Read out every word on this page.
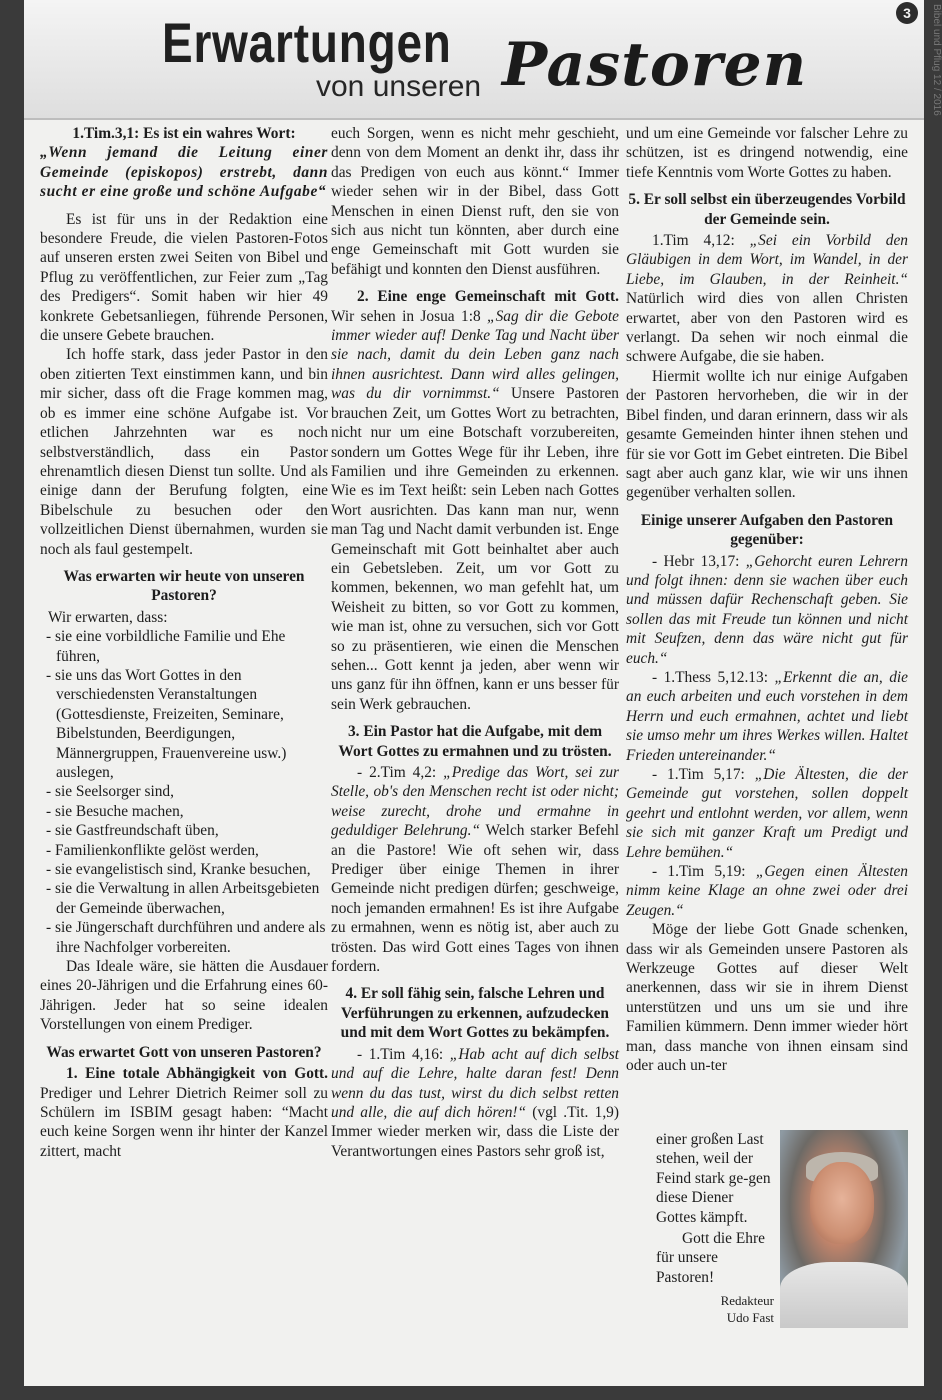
Erwartungen
von unseren Pastoren
3	Bibel und Pflug 12 / 2016

1.Tim.3,1: Es ist ein wahres Wort:

„Wenn jemand die Leitung einer Gemeinde (episkopos) erstrebt, dann sucht er eine große und schöne Aufgabe“

Es ist für uns in der Redaktion eine besondere Freude, die vielen Pastoren-Fotos auf unseren ersten zwei Seiten von Bibel und Pflug zu veröffentlichen, zur Feier zum „Tag des Predigers“. Somit haben wir hier 49 konkrete Gebetsanliegen, führende Personen, die unsere Gebete brauchen.

Ich hoffe stark, dass jeder Pastor in den oben zitierten Text einstimmen kann, und bin mir sicher, dass oft die Frage kommen mag, ob es immer eine schöne Aufgabe ist. Vor etlichen Jahrzehnten war es noch selbstverständlich, dass ein Pastor ehrenamtlich diesen Dienst tun sollte. Und als einige dann der Berufung folgten, eine Bibelschule zu besuchen oder den vollzeitlichen Dienst übernahmen, wurden sie noch als faul gestempelt.

Was erwarten wir heute von unseren Pastoren?

Wir erwarten, dass:

- sie eine vorbildliche Familie und Ehe führen,
- sie uns das Wort Gottes in den verschiedensten Veranstaltungen (Gottesdienste, Freizeiten, Seminare, Bibelstunden, Beerdigungen, Männergruppen, Frauenvereine usw.) auslegen,
- sie Seelsorger sind,
- sie Besuche machen,
- sie Gastfreundschaft üben,
- Familienkonflikte gelöst werden,
- sie evangelistisch sind, Kranke besuchen,
- sie die Verwaltung in allen Arbeitsgebieten der Gemeinde überwachen,
- sie Jüngerschaft durchführen und andere als ihre Nachfolger vorbereiten.

Das Ideale wäre, sie hätten die Ausdauer eines 20-Jährigen und die Erfahrung eines 60-Jährigen. Jeder hat so seine idealen Vorstellungen von einem Prediger.

Was erwartet Gott von unseren Pastoren?

1. Eine totale Abhängigkeit von Gott. Prediger und Lehrer Dietrich Reimer soll zu Schülern im ISBIM gesagt haben: “Macht euch keine Sorgen wenn ihr hinter der Kanzel zittert, macht

euch Sorgen, wenn es nicht mehr geschieht, denn von dem Moment an denkt ihr, dass ihr das Predigen von euch aus könnt.“ Immer wieder sehen wir in der Bibel, dass Gott Menschen in einen Dienst ruft, den sie von sich aus nicht tun könnten, aber durch eine enge Gemeinschaft mit Gott wurden sie befähigt und konnten den Dienst ausführen.

2. Eine enge Gemeinschaft mit Gott. Wir sehen in Josua 1:8 „Sag dir die Gebote immer wieder auf! Denke Tag und Nacht über sie nach, damit du dein Leben ganz nach ihnen ausrichtest. Dann wird alles gelingen, was du dir vornimmst.“ Unsere Pastoren brauchen Zeit, um Gottes Wort zu betrachten, nicht nur um eine Botschaft vorzubereiten, sondern um Gottes Wege für ihr Leben, ihre Familien und ihre Gemeinden zu erkennen. Wie es im Text heißt: sein Leben nach Gottes Wort ausrichten. Das kann man nur, wenn man Tag und Nacht damit verbunden ist. Enge Gemeinschaft mit Gott beinhaltet aber auch ein Gebetsleben. Zeit, um vor Gott zu kommen, bekennen, wo man gefehlt hat, um Weisheit zu bitten, so vor Gott zu kommen, wie man ist, ohne zu versuchen, sich vor Gott so zu präsentieren, wie einen die Menschen sehen... Gott kennt ja jeden, aber wenn wir uns ganz für ihn öffnen, kann er uns besser für sein Werk gebrauchen.

3. Ein Pastor hat die Aufgabe, mit dem Wort Gottes zu ermahnen und zu trösten.

- 2.Tim 4,2: „Predige das Wort, sei zur Stelle, ob's den Menschen recht ist oder nicht; weise zurecht, drohe und ermahne in geduldiger Belehrung.“ Welch starker Befehl an die Pastore! Wie oft sehen wir, dass Prediger über einige Themen in ihrer Gemeinde nicht predigen dürfen; geschweige, noch jemanden ermahnen! Es ist ihre Aufgabe zu ermahnen, wenn es nötig ist, aber auch zu trösten. Das wird Gott eines Tages von ihnen fordern.

4. Er soll fähig sein, falsche Lehren und Verführungen zu erkennen, aufzudecken und mit dem Wort Gottes zu bekämpfen.

- 1.Tim 4,16: „Hab acht auf dich selbst und auf die Lehre, halte daran fest! Denn wenn du das tust, wirst du dich selbst retten und alle, die auf dich hören!“ (vgl .Tit. 1,9) Immer wieder merken wir, dass die Liste der Verantwortungen eines Pastors sehr groß ist,

und um eine Gemeinde vor falscher Lehre zu schützen, ist es dringend notwendig, eine tiefe Kenntnis vom Worte Gottes zu haben.

5. Er soll selbst ein überzeugendes Vorbild der Gemeinde sein.

1.Tim 4,12: „Sei ein Vorbild den Gläubigen in dem Wort, im Wandel, in der Liebe, im Glauben, in der Reinheit.“ Natürlich wird dies von allen Christen erwartet, aber von den Pastoren wird es verlangt. Da sehen wir noch einmal die schwere Aufgabe, die sie haben.

Hiermit wollte ich nur einige Aufgaben der Pastoren hervorheben, die wir in der Bibel finden, und daran erinnern, dass wir als gesamte Gemeinden hinter ihnen stehen und für sie vor Gott im Gebet eintreten. Die Bibel sagt aber auch ganz klar, wie wir uns ihnen gegenüber verhalten sollen.

Einige unserer Aufgaben den Pastoren gegenüber:

- Hebr 13,17: „Gehorcht euren Lehrern und folgt ihnen: denn sie wachen über euch und müssen dafür Rechenschaft geben. Sie sollen das mit Freude tun können und nicht mit Seufzen, denn das wäre nicht gut für euch.“

- 1.Thess 5,12.13: „Erkennt die an, die an euch arbeiten und euch vorstehen in dem Herrn und euch ermahnen, achtet und liebt sie umso mehr um ihres Werkes willen. Haltet Frieden untereinander.“

- 1.Tim 5,17: „Die Ältesten, die der Gemeinde gut vorstehen, sollen doppelt geehrt und entlohnt werden, vor allem, wenn sie sich mit ganzer Kraft um Predigt und Lehre bemühen.“

- 1.Tim 5,19: „Gegen einen Ältesten nimm keine Klage an ohne zwei oder drei Zeugen.“

Möge der liebe Gott Gnade schenken, dass wir als Gemeinden unsere Pastoren als Werkzeuge Gottes auf dieser Welt anerkennen, dass wir sie in ihrem Dienst unterstützen und uns um sie und ihre Familien kümmern. Denn immer wieder hört man, dass manche von ihnen einsam sind oder auch un-ter

einer großen Last stehen, weil der Feind stark ge-gen diese Diener Gottes kämpft.

Gott die Ehre für unsere Pastoren!

Redakteur
Udo Fast
